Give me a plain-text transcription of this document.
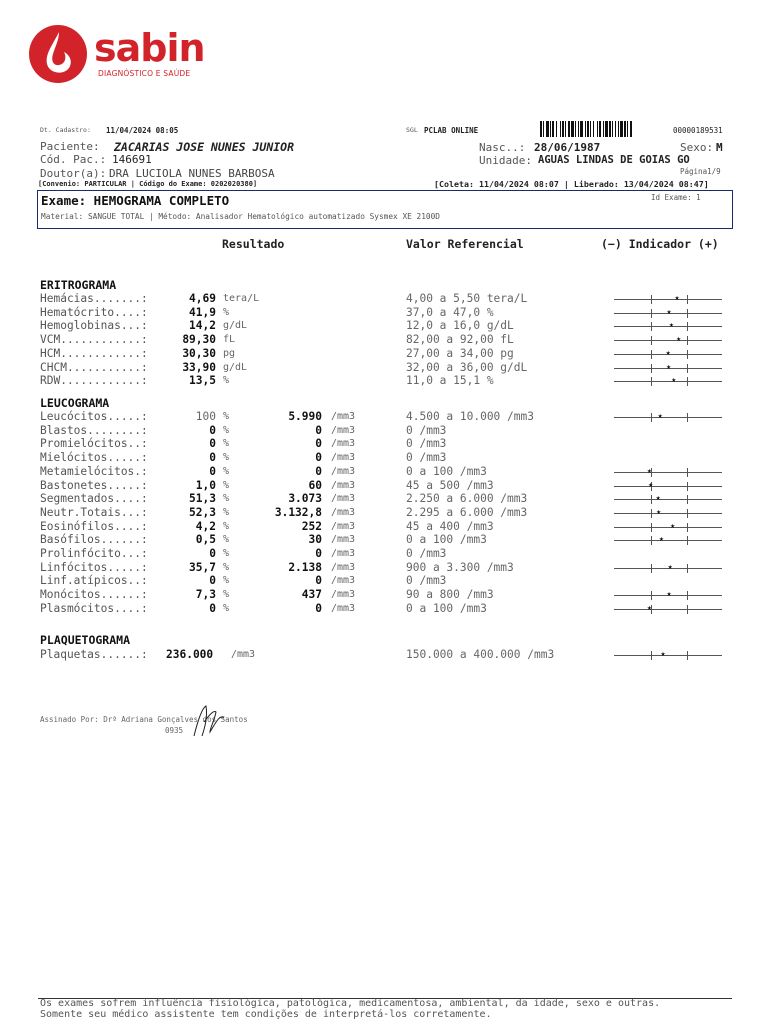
sabin
DIAGNÓSTICO E SAÚDE
Dt. Cadastro: 11/04/2024 08:05	SGL PCLAB ONLINE	00000189531
Paciente: ZACARIAS JOSE NUNES JUNIOR	Nasc..: 28/06/1987	Sexo: M
Cód. Pac.: 146691	Unidade: AGUAS LINDAS DE GOIAS GO
Doutor(a): DRA LUCIOLA NUNES BARBOSA	Página1/9
[Convenio: PARTICULAR | Código do Exame: 0202020380]	[Coleta: 11/04/2024 08:07 | Liberado: 13/04/2024 08:47]
Exame: HEMOGRAMA COMPLETO	Id Exame: 1
Material: SANGUE TOTAL | Método: Analisador Hematológico automatizado Sysmex XE 2100D
Resultado	Valor Referencial	(−) Indicador (+)
ERITROGRAMA
Hemácias.......:	4,69 tera/L	4,00 a 5,50 tera/L	★
Hematócrito....:	41,9 %	37,0 a 47,0 %	★
Hemoglobinas...:	14,2 g/dL	12,0 a 16,0 g/dL	★
VCM............:	89,30 fL	82,00 a 92,00 fL	★
HCM............:	30,30 pg	27,00 a 34,00 pg	★
CHCM...........:	33,90 g/dL	32,00 a 36,00 g/dL	★
RDW............:	13,5 %	11,0 a 15,1 %	★
LEUCOGRAMA
Leucócitos.....:	100 %	5.990 /mm3	4.500 a 10.000 /mm3	★
Blastos........:	0 %	0 /mm3	0 /mm3
Promielócitos..:	0 %	0 /mm3	0 /mm3
Mielócitos.....:	0 %	0 /mm3	0 /mm3
Metamielócitos.:	0 %	0 /mm3	0 a 100 /mm3	★
Bastonetes.....:	1,0 %	60 /mm3	45 a 500 /mm3	★
Segmentados....:	51,3 %	3.073 /mm3	2.250 a 6.000 /mm3	★
Neutr.Totais...:	52,3 %	3.132,8 /mm3	2.295 a 6.000 /mm3	★
Eosinófilos....:	4,2 %	252 /mm3	45 a 400 /mm3	★
Basófilos......:	0,5 %	30 /mm3	0 a 100 /mm3	★
Prolinfócito...:	0 %	0 /mm3	0 /mm3
Linfócitos.....:	35,7 %	2.138 /mm3	900 a 3.300 /mm3	★
Linf.atípicos..:	0 %	0 /mm3	0 /mm3
Monócitos......:	7,3 %	437 /mm3	90 a 800 /mm3	★
Plasmócitos....:	0 %	0 /mm3	0 a 100 /mm3	★
PLAQUETOGRAMA
Plaquetas......: 236.000 /mm3	150.000 a 400.000 /mm3	★
Assinado Por: Drª Adriana Gonçalves dos Santos
0935
Os exames sofrem influência fisiológica, patológica, medicamentosa, ambiental, da idade, sexo e outras.
Somente seu médico assistente tem condições de interpretá-los corretamente.
